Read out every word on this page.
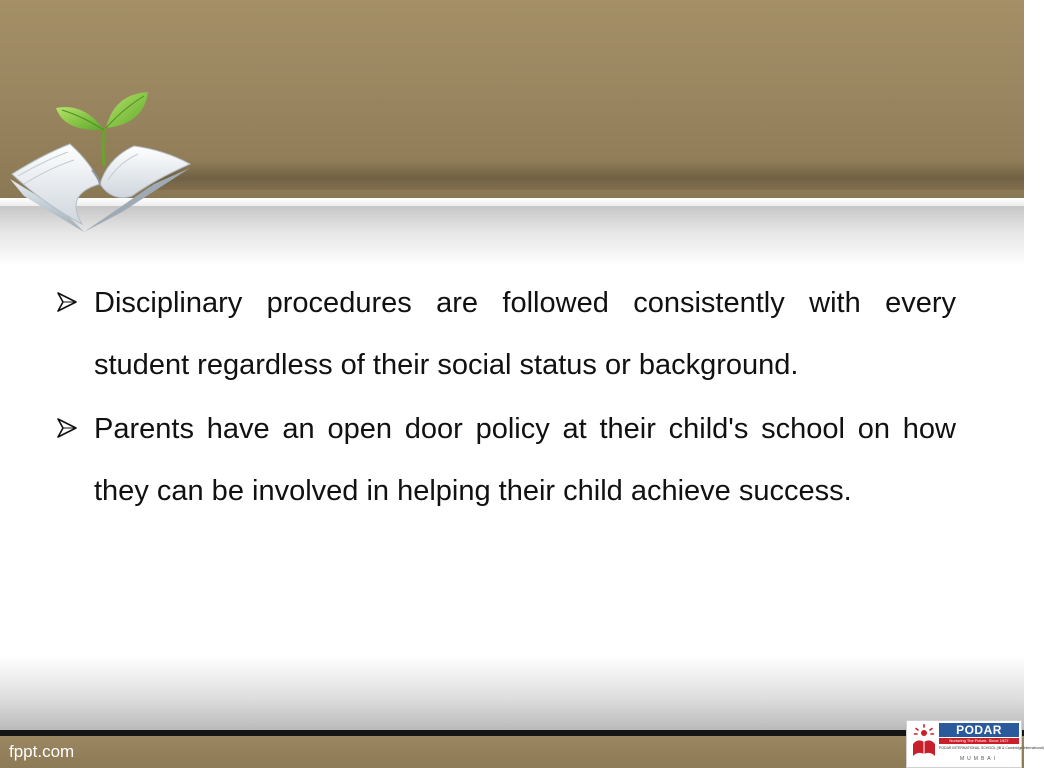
Disciplinary procedures are followed consistently with every student regardless of their social status or background.
Parents have an open door policy at their child's school on how they can be involved in helping their child achieve success.
fppt.com
PODAR
Nurturing The Future. Since 1927
PODAR INTERNATIONAL SCHOOL (IB & Cambridge International)
MUMBAI
